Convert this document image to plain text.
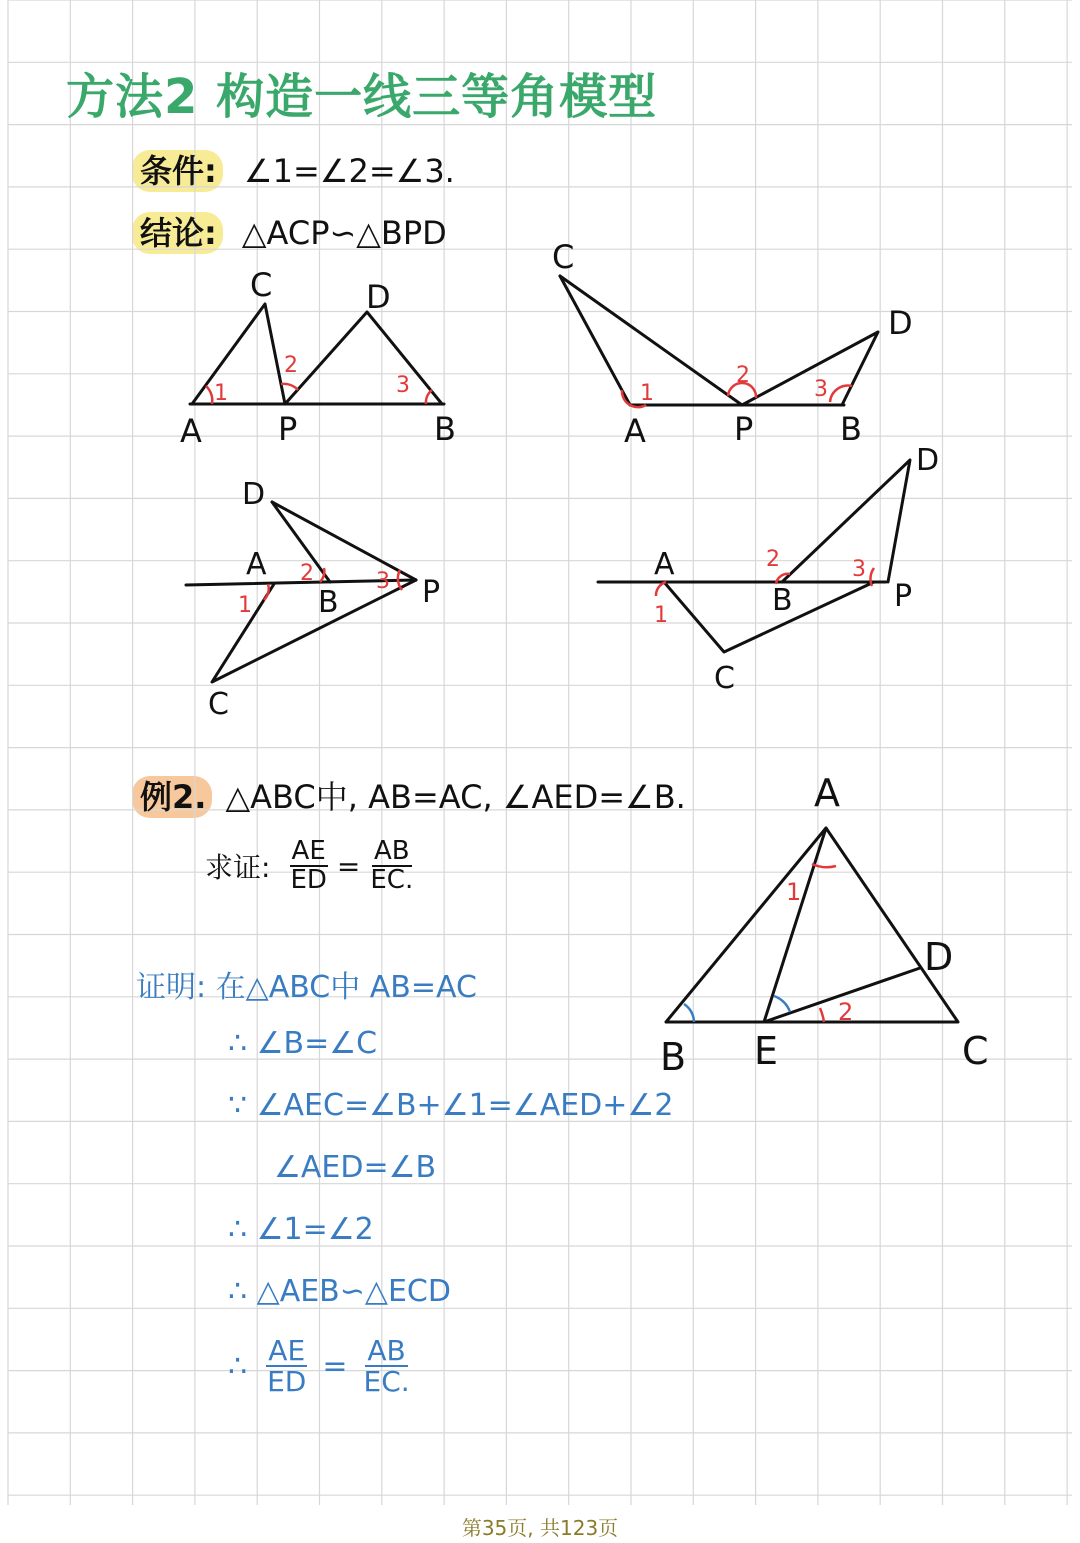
方法2 构造一线三等角模型
条件: ∠1=∠2=∠3.
结论: △ACP∽△BPD
1
2
3
A P	B
C	D
1
2
3
A	P	B
C
D
1
2	3
A
B	P
C
D
1
2	3
A
B	P
C
D
例2. △ABC中, AB=AC, ∠AED=∠B.
求证: $\frac{AE}{ED} = \frac{AB}{EC.}$	1
2
A
B E	C
D
证明: 在△ABC中 AB=AC
∴ ∠B=∠C
∵ ∠AEC=∠B+∠1=∠AED+∠2
∠AED=∠B
∴ ∠1=∠2
∴ △AEB∽△ECD
∴ $\frac{AE}{ED} = \frac{AB}{EC.}$
第35页, 共123页
